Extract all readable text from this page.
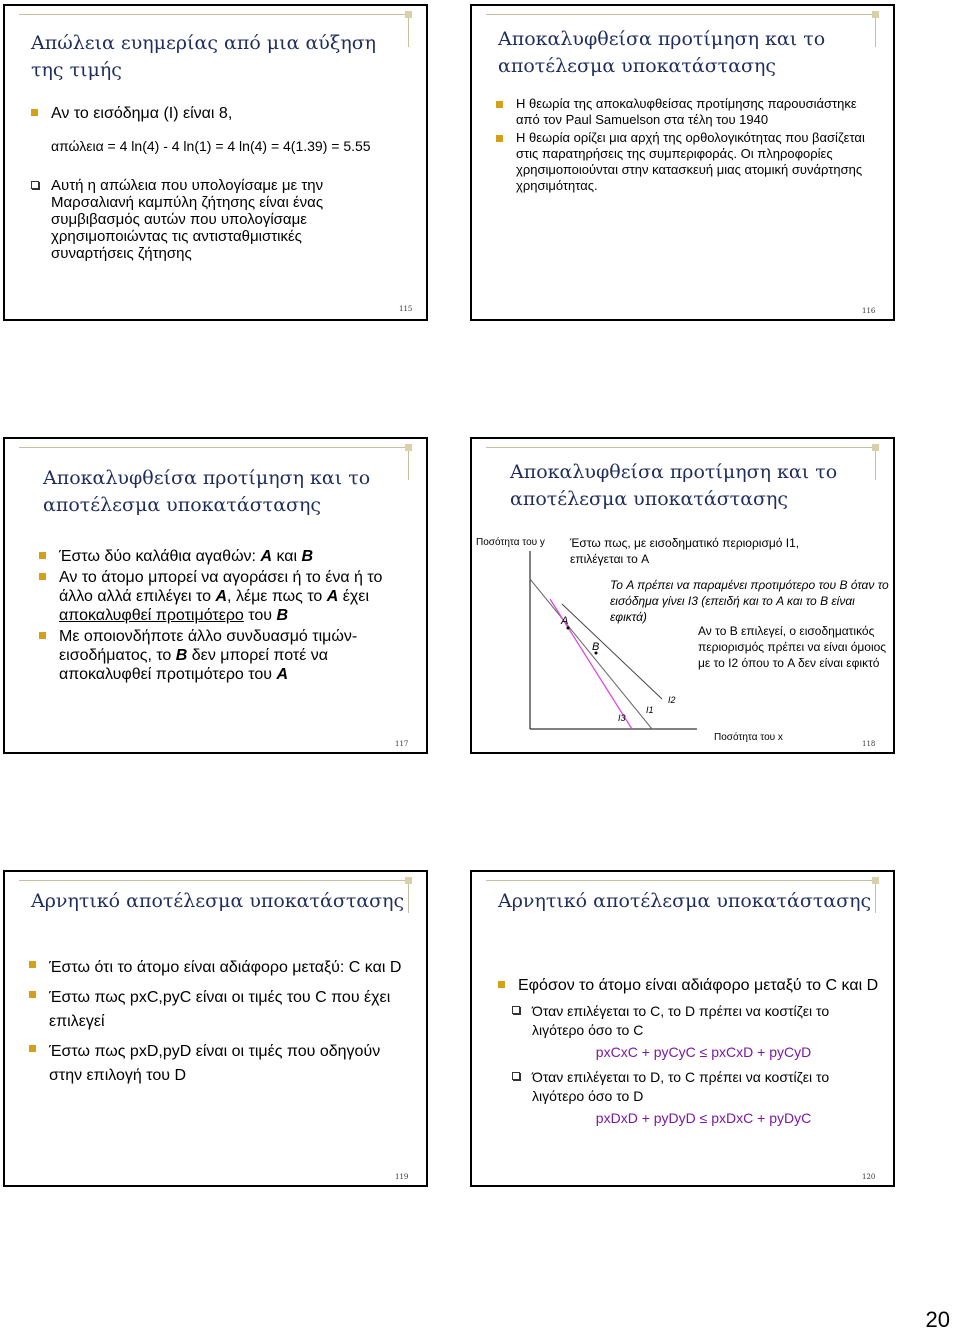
Απώλεια ευημερίας από μια αύξηση της τιμής

Αν το εισόδημα (I) είναι 8,

απώλεια = 4 ln(4) - 4 ln(1) = 4 ln(4) = 4(1.39) = 5.55

Αυτή η απώλεια που υπολογίσαμε με την Μαρσαλιανή καμπύλη ζήτησης είναι ένας συμβιβασμός αυτών που υπολογίσαμε χρησιμοποιώντας τις αντισταθμιστικές συναρτήσεις ζήτησης

115
Αποκαλυφθείσα προτίμηση και το αποτέλεσμα υποκατάστασης

Η θεωρία της αποκαλυφθείσας προτίμησης παρουσιάστηκε από τον Paul Samuelson στα τέλη του 1940

Η θεωρία ορίζει μια αρχή της ορθολογικότητας που βασίζεται στις παρατηρήσεις της συμπεριφοράς. Οι πληροφορίες χρησιμοποιούνται στην κατασκευή μιας ατομική συνάρτησης χρησιμότητας.

116
Αποκαλυφθείσα προτίμηση και το αποτέλεσμα υποκατάστασης

Έστω δύο καλάθια αγαθών: A και B

Αν το άτομο μπορεί να αγοράσει ή το ένα ή το άλλο αλλά επιλέγει το A, λέμε πως το A έχει αποκαλυφθεί προτιμότερο του B

Με οποιονδήποτε άλλο συνδυασμό τιμών-εισοδήματος, το B δεν μπορεί ποτέ να αποκαλυφθεί προτιμότερο του A

117
Αποκαλυφθείσα προτίμηση και το αποτέλεσμα υποκατάστασης
Ποσότητα του y
A
B
I1
I2
I3
Ποσότητα του x
Έστω πως, με εισοδηματικό περιορισμό I1, επιλέγεται το A
Το A πρέπει να παραμένει προτιμότερο του B όταν το εισόδημα γίνει I3 (επειδή και το A και το B είναι εφικτά)
Αν το B επιλεγεί, ο εισοδηματικός περιορισμός πρέπει να είναι όμοιος με το I2 όπου το A δεν είναι εφικτό
118
Αρνητικό αποτέλεσμα υποκατάστασης

Έστω ότι το άτομο είναι αδιάφορο μεταξύ: C και D

Έστω πως pxC,pyC είναι οι τιμές του C που έχει επιλεγεί

Έστω πως pxD,pyD είναι οι τιμές που οδηγούν στην επιλογή του D

119
Αρνητικό αποτέλεσμα υποκατάστασης

Εφόσον το άτομο είναι αδιάφορο μεταξύ το C και D

Όταν επιλέγεται το C, το D πρέπει να κοστίζει το λιγότερο όσο το C

pxCxC + pyCyC ≤ pxCxD + pyCyD

Όταν επιλέγεται το D, το C πρέπει να κοστίζει το λιγότερο όσο το D

pxDxD + pyDyD ≤ pxDxC + pyDyC

120
20
